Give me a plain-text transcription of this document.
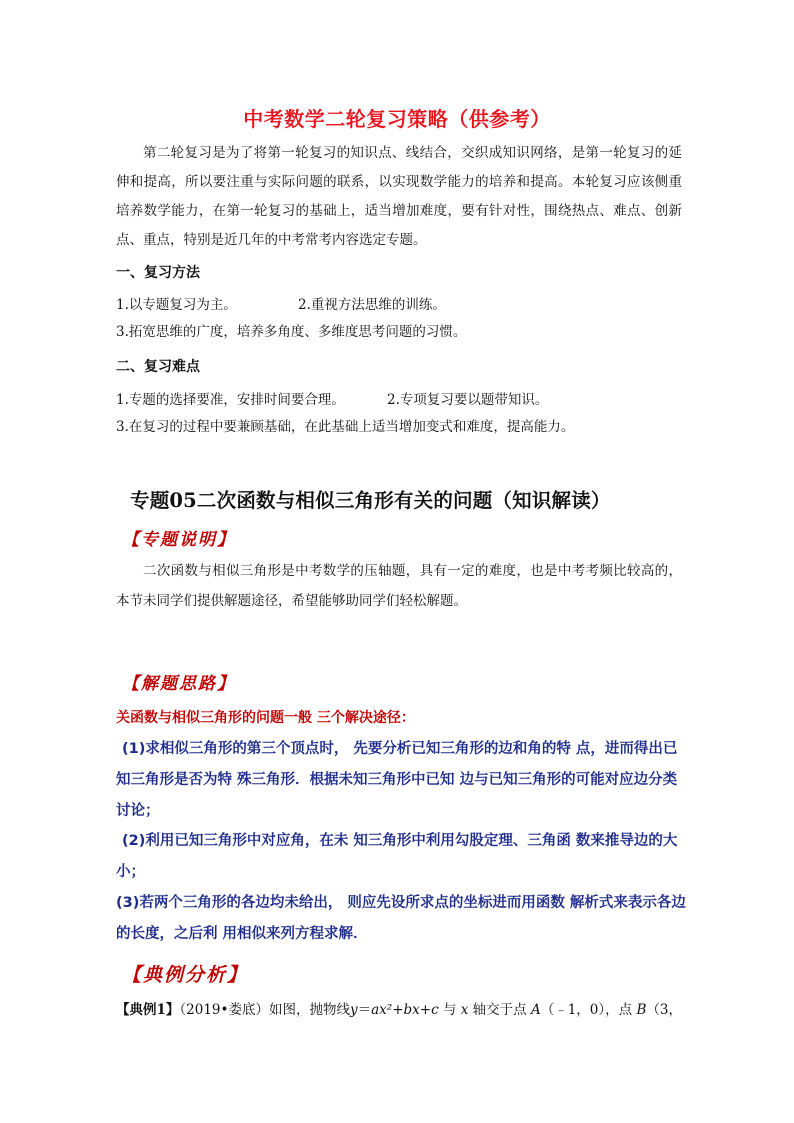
中考数学二轮复习策略（供参考）
第二轮复习是为了将第一轮复习的知识点、线结合，交织成知识网络，是第一轮复习的延伸和提高，所以要注重与实际问题的联系，以实现数学能力的培养和提高。本轮复习应该侧重培养数学能力，在第一轮复习的基础上，适当增加难度，要有针对性，围绕热点、难点、创新点、重点，特别是近几年的中考常考内容选定专题。
一、复习方法
1.以专题复习为主。	2.重视方法思维的训练。
3.拓宽思维的广度，培养多角度、多维度思考问题的习惯。
二、复习难点
1.专题的选择要准，安排时间要合理。	2.专项复习要以题带知识。
3.在复习的过程中要兼顾基础，在此基础上适当增加变式和难度，提高能力。
专题05二次函数与相似三角形有关的问题（知识解读）
【专题说明】
二次函数与相似三角形是中考数学的压轴题，具有一定的难度，也是中考考频比较高的，本节未同学们提供解题途径，希望能够助同学们轻松解题。
【解题思路】
关函数与相似三角形的问题一般 三个解决途径：
(1)求相似三角形的第三个顶点时， 先要分析已知三角形的边和角的特 点，进而得出已知三角形是否为特 殊三角形．根据未知三角形中已知 边与已知三角形的可能对应边分类 讨论；
(2)利用已知三角形中对应角，在未 知三角形中利用勾股定理、三角函 数来推导边的大小；
(3)若两个三角形的各边均未给出， 则应先设所求点的坐标进而用函数 解析式来表示各边的长度，之后利 用相似来列方程求解．
【典例分析】
【典例1】（2019•娄底）如图，抛物线y＝ax²+bx+c 与 x 轴交于点 A（﹣1，0），点 B（3，
